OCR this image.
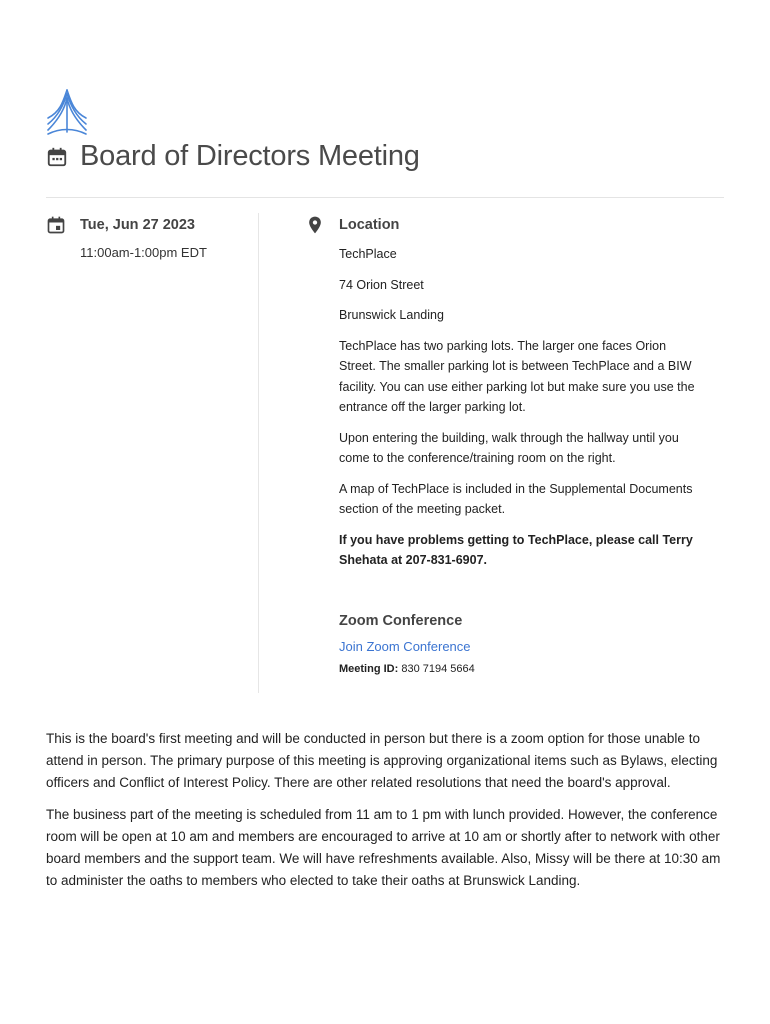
Board of Directors Meeting
Tue, Jun 27 2023
11:00am-1:00pm EDT
Location

TechPlace

74 Orion Street

Brunswick Landing

TechPlace has two parking lots. The larger one faces Orion Street. The smaller parking lot is between TechPlace and a BIW facility. You can use either parking lot but make sure you use the entrance off the larger parking lot.

Upon entering the building, walk through the hallway until you come to the conference/training room on the right.

A map of TechPlace is included in the Supplemental Documents section of the meeting packet.

If you have problems getting to TechPlace, please call Terry Shehata at 207-831-6907.

Zoom Conference
Join Zoom Conference
Meeting ID: 830 7194 5664

This is the board's first meeting and will be conducted in person but there is a zoom option for those unable to attend in person. The primary purpose of this meeting is approving organizational items such as Bylaws, electing officers and Conflict of Interest Policy. There are other related resolutions that need the board's approval.

The business part of the meeting is scheduled from 11 am to 1 pm with lunch provided. However, the conference room will be open at 10 am and members are encouraged to arrive at 10 am or shortly after to network with other board members and the support team. We will have refreshments available. Also, Missy will be there at 10:30 am to administer the oaths to members who elected to take their oaths at Brunswick Landing.
